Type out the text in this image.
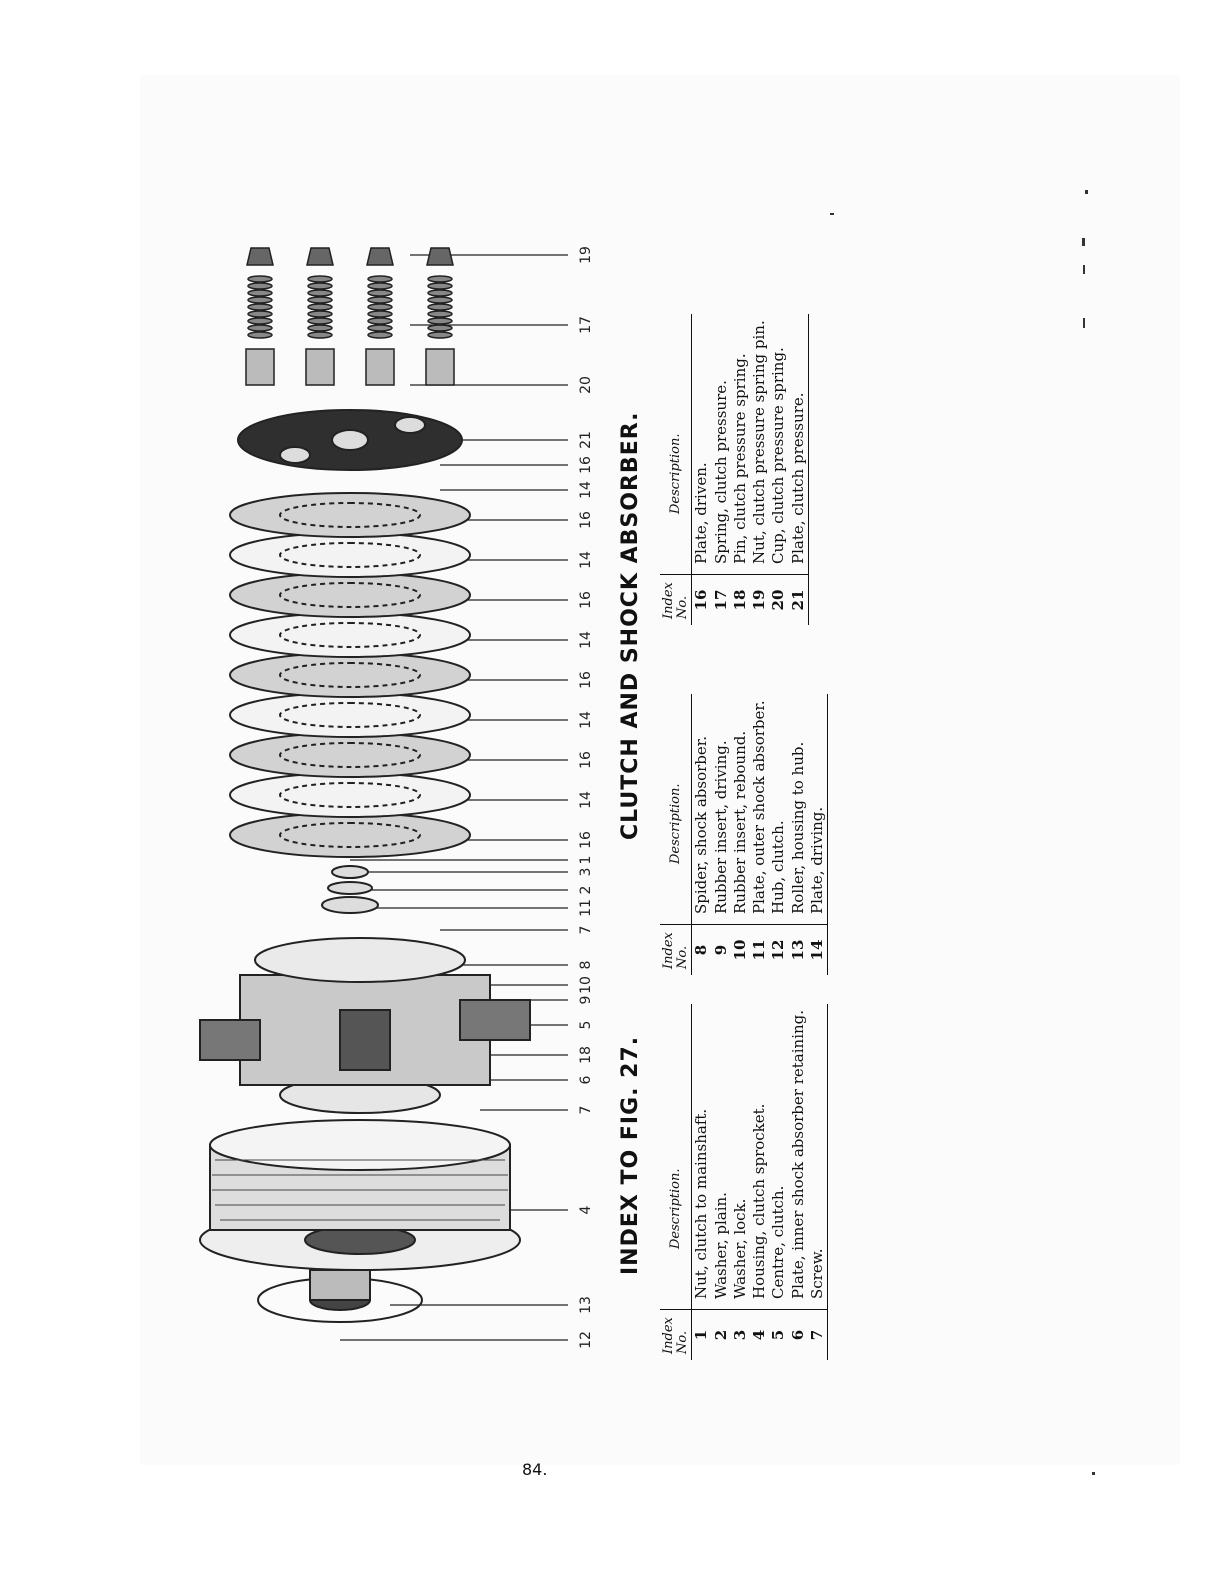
12
13
4
7
6
18
5
9
10
8
7
11
2
3
1
16
14
16
14
16
14
16
14
16
14
16
21
20
17
19
INDEX TO FIG. 27.
CLUTCH AND SHOCK ABSORBER.
Index No.	Description.
1	Nut, clutch to mainshaft.
2	Washer, plain.
3	Washer, lock.
4	Housing, clutch sprocket.
5	Centre, clutch.
6	Plate, inner shock absorber retaining.
7	Screw.
Index No.	Description.
8	Spider, shock absorber.
9	Rubber insert, driving.
10	Rubber insert, rebound.
11	Plate, outer shock absorber.
12	Hub, clutch.
13	Roller, housing to hub.
14	Plate, driving.
Index No.	Description.
16	Plate, driven.
17	Spring, clutch pressure.
18	Pin, clutch pressure spring.
19	Nut, clutch pressure spring pin.
20	Cup, clutch pressure spring.
21	Plate, clutch pressure.
84.
